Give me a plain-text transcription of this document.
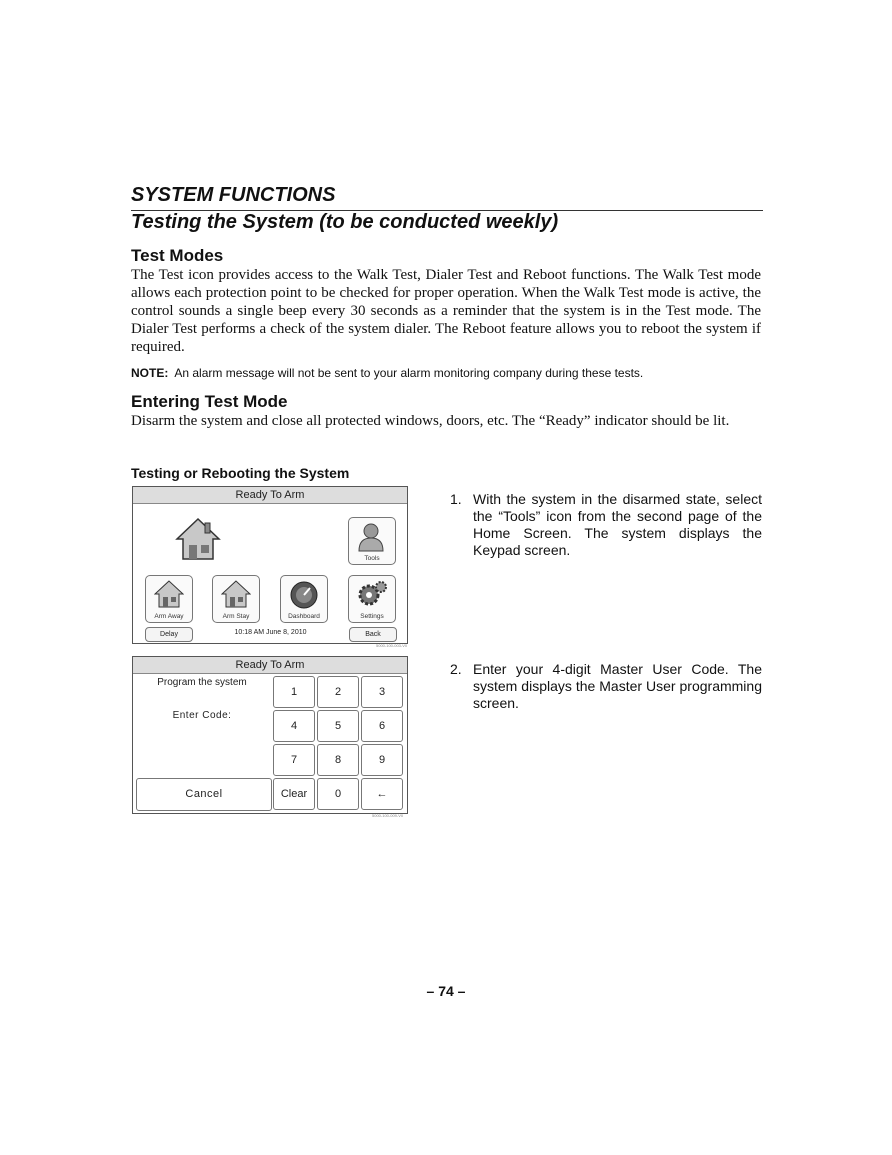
SYSTEM FUNCTIONS
Testing the System (to be conducted weekly)
Test Modes
The Test icon provides access to the Walk Test, Dialer Test and Reboot functions. The Walk Test mode allows each protection point to be checked for proper operation. When the Walk Test mode is active, the control sounds a single beep every 30 seconds as a reminder that the system is in the Test mode. The Dialer Test performs a check of the system dialer. The Reboot feature allows you to reboot the system if required.
NOTE: An alarm message will not be sent to your alarm monitoring company during these tests.
Entering Test Mode
Disarm the system and close all protected windows, doors, etc. The “Ready” indicator should be lit.
Testing or Rebooting the System
Ready To Arm
Tools
Arm Away	Arm Stay	Dashboard	Settings
Delay	10:18 AM June 8, 2010	Back
5000-100-003-V0
Ready To Arm
Program the system
Enter Code:
Cancel
1	2	3
4	5	6
7	8	9
Clear	0	←
5000-100-009-V0
1. With the system in the disarmed state, select the “Tools” icon from the second page of the Home Screen. The system displays the Keypad screen.
2. Enter your 4-digit Master User Code. The system displays the Master User programming screen.
– 74 –
